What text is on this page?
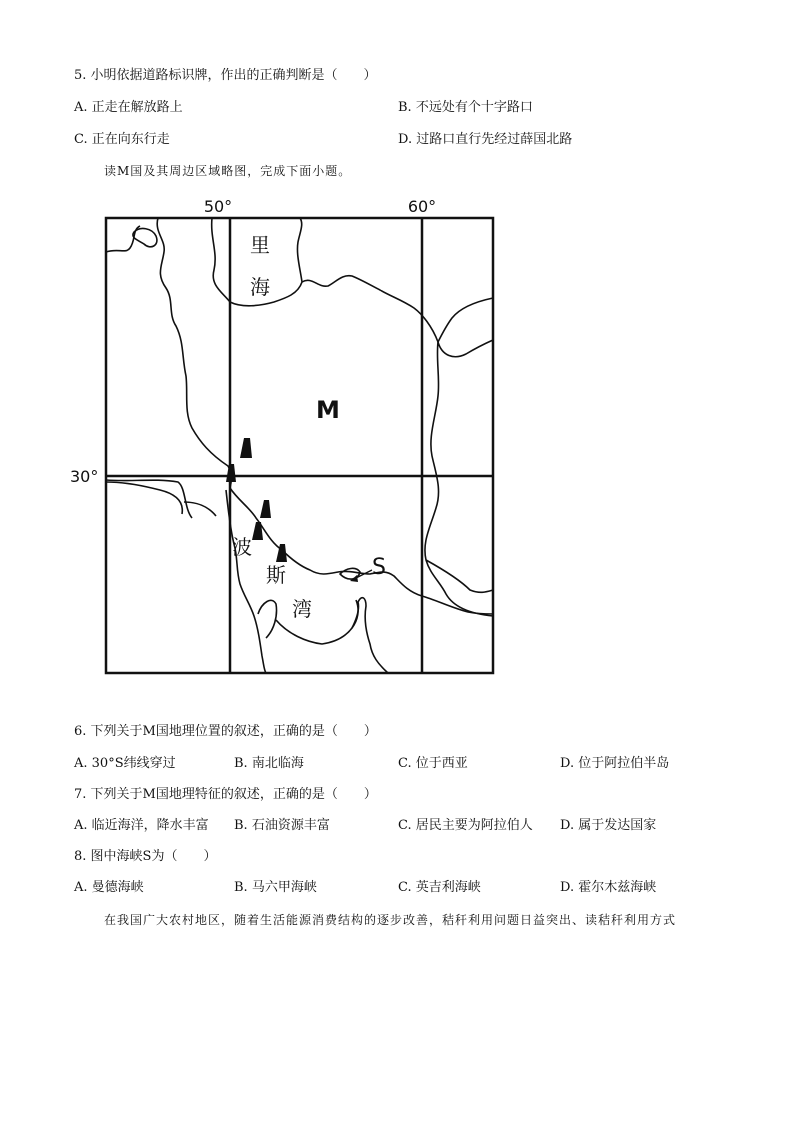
5. 小明依据道路标识牌，作出的正确判断是（　　）
A. 正走在解放路上	B. 不远处有个十字路口
C. 正在向东行走	D. 过路口直行先经过薛国北路
读M国及其周边区域略图，完成下面小题。
50°	60°
30°
里
海
M
波
斯
湾
S
6. 下列关于M国地理位置的叙述，正确的是（　　）
A. 30°S纬线穿过	B. 南北临海	C. 位于西亚	D. 位于阿拉伯半岛
7. 下列关于M国地理特征的叙述，正确的是（　　）
A. 临近海洋，降水丰富 B. 石油资源丰富	C. 居民主要为阿拉伯人 D. 属于发达国家
8. 图中海峡S为（　　）
A. 曼德海峡	B. 马六甲海峡	C. 英吉利海峡	D. 霍尔木兹海峡
在我国广大农村地区，随着生活能源消费结构的逐步改善，秸秆利用问题日益突出、读秸秆利用方式
